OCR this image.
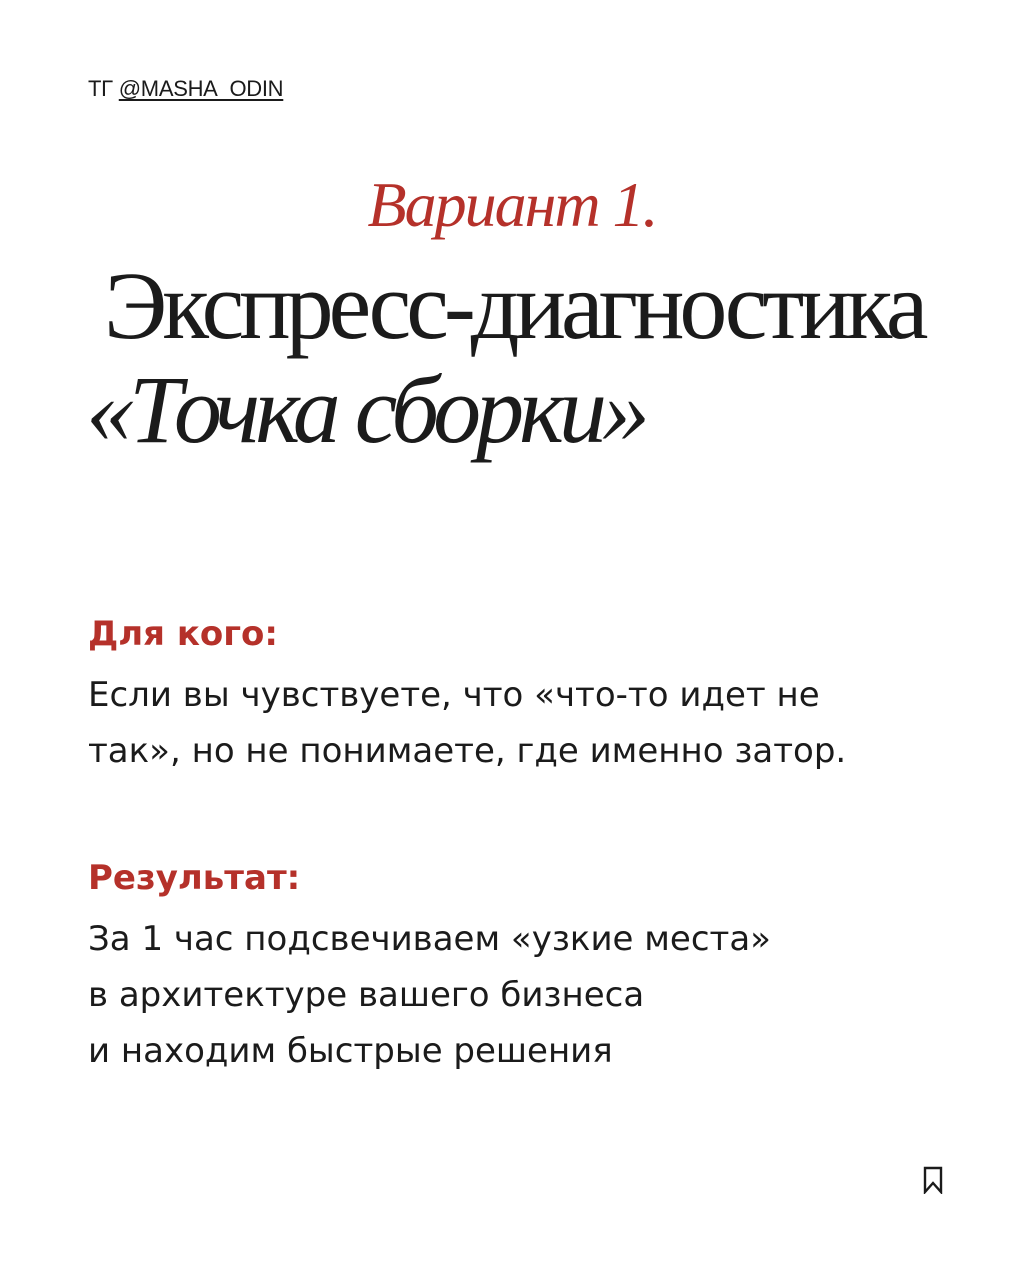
ТГ @MASHA_ODIN
Вариант 1.
Экспресс-диагностика
«Точка сборки»
Для кого:
Если вы чувствуете, что «что-то идет не
так», но не понимаете, где именно затор.
Результат:
За 1 час подсвечиваем «узкие места»
в архитектуре вашего бизнеса
и находим быстрые решения
